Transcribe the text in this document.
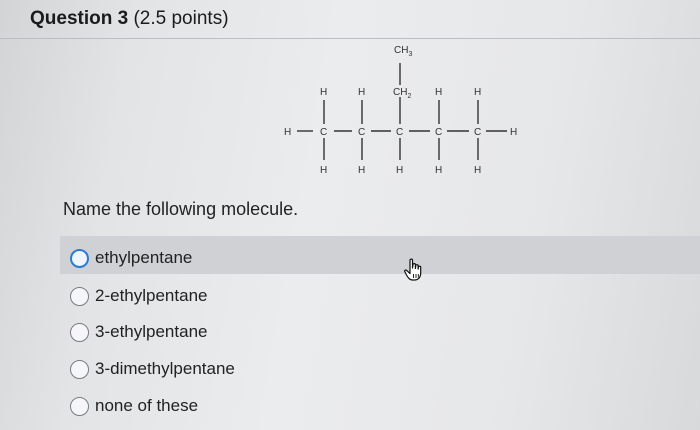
Question 3 (2.5 points)
$CH_3$
H	H	$CH_2$ H	H
H	C	C	C	C	C	H
H	H	H	H	H
Name the following molecule.
ethylpentane
2-ethylpentane
3-ethylpentane
3-dimethylpentane
none of these
